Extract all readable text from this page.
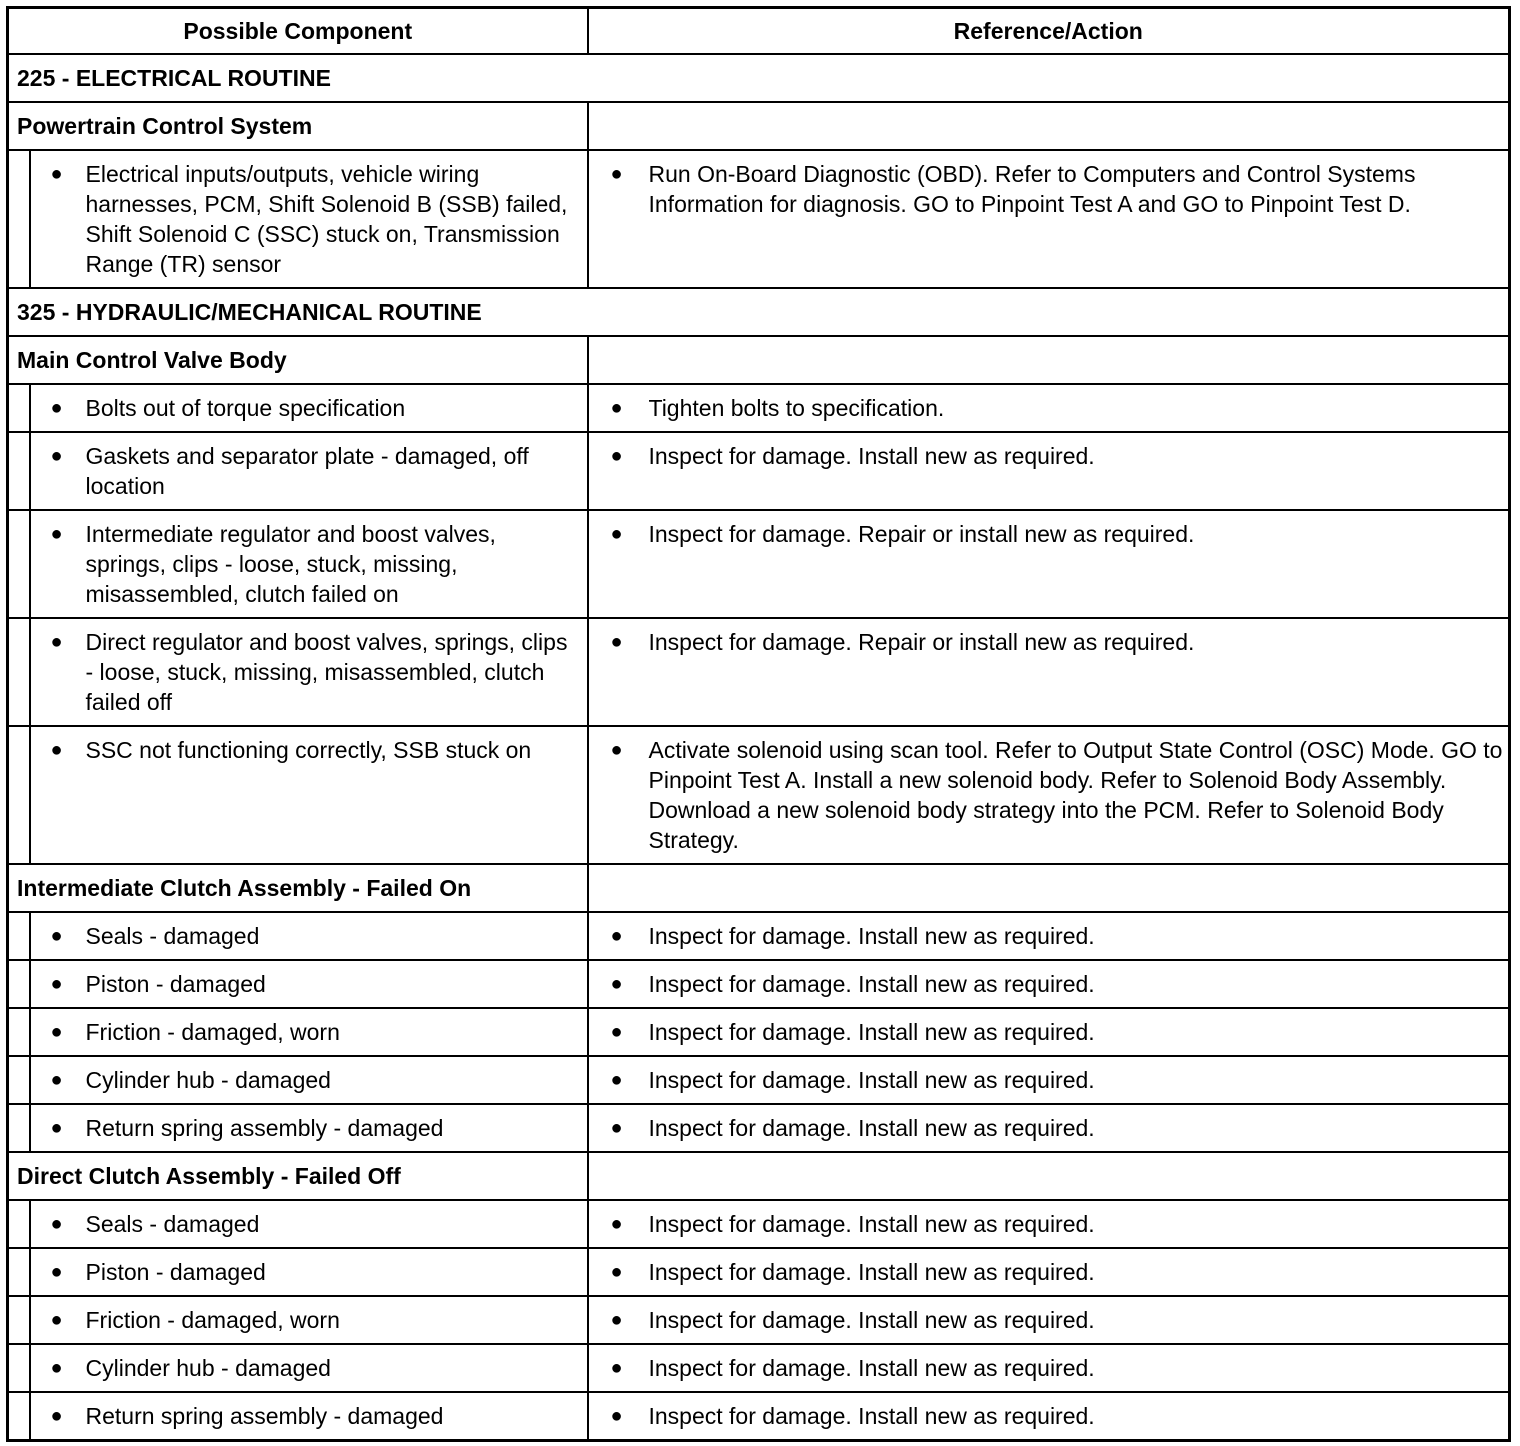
Possible Component		Reference/Action
225 - ELECTRICAL ROUTINE		
Powertrain Control System		

	● Electrical inputs/outputs, vehicle wiring harnesses, PCM, Shift Solenoid B (SSB) failed, Shift Solenoid C (SSC) stuck on, Transmission Range (TR) sensor	● Run On-Board Diagnostic (OBD). Refer to Computers and Control Systems Information for diagnosis. GO to Pinpoint Test A and GO to Pinpoint Test D.

325 - HYDRAULIC/MECHANICAL ROUTINE		
Main Control Valve Body		

	● Bolts out of torque specification	● Tighten bolts to specification.

	● Gaskets and separator plate - damaged, off location	● Inspect for damage. Install new as required.

	● Intermediate regulator and boost valves, springs, clips - loose, stuck, missing, misassembled, clutch failed on	● Inspect for damage. Repair or install new as required.

	● Direct regulator and boost valves, springs, clips - loose, stuck, missing, misassembled, clutch failed off	● Inspect for damage. Repair or install new as required.

	● SSC not functioning correctly, SSB stuck on	● Activate solenoid using scan tool. Refer to Output State Control (OSC) Mode. GO to Pinpoint Test A. Install a new solenoid body. Refer to Solenoid Body Assembly. Download a new solenoid body strategy into the PCM. Refer to Solenoid Body Strategy.

Intermediate Clutch Assembly - Failed On		

	● Seals - damaged	● Inspect for damage. Install new as required.

	● Piston - damaged	● Inspect for damage. Install new as required.

	● Friction - damaged, worn	● Inspect for damage. Install new as required.

	● Cylinder hub - damaged	● Inspect for damage. Install new as required.

	● Return spring assembly - damaged	● Inspect for damage. Install new as required.

Direct Clutch Assembly - Failed Off		

	● Seals - damaged	● Inspect for damage. Install new as required.

	● Piston - damaged	● Inspect for damage. Install new as required.

	● Friction - damaged, worn	● Inspect for damage. Install new as required.

	● Cylinder hub - damaged	● Inspect for damage. Install new as required.

	● Return spring assembly - damaged	● Inspect for damage. Install new as required.
